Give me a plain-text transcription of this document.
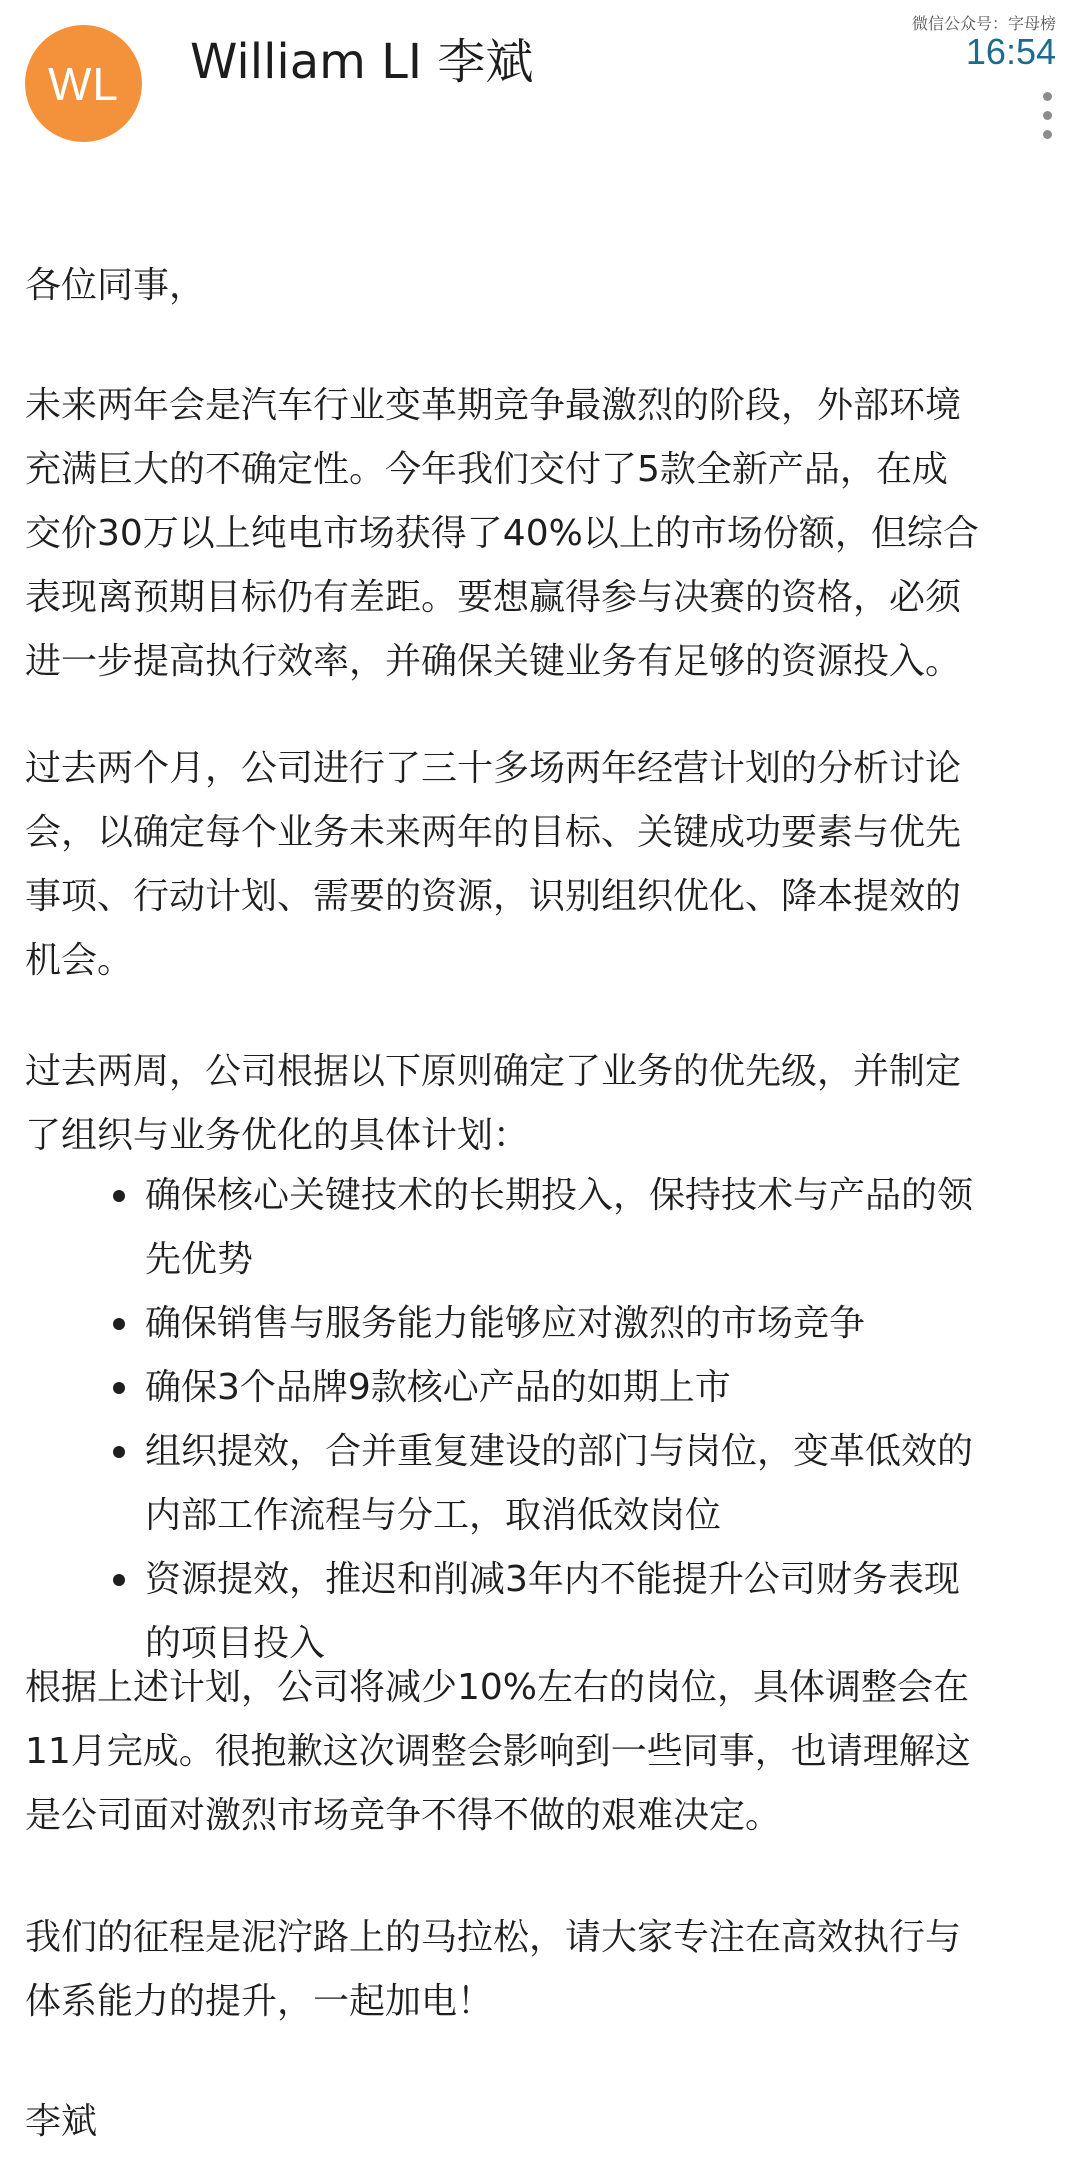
WL William LI 李斌
微信公众号：字母榜
16:54

各位同事，

未来两年会是汽车行业变革期竞争最激烈的阶段，外部环境
充满巨大的不确定性。今年我们交付了5款全新产品，在成
交价30万以上纯电市场获得了40%以上的市场份额，但综合
表现离预期目标仍有差距。要想赢得参与决赛的资格，必须
进一步提高执行效率，并确保关键业务有足够的资源投入。

过去两个月，公司进行了三十多场两年经营计划的分析讨论
会，以确定每个业务未来两年的目标、关键成功要素与优先
事项、行动计划、需要的资源，识别组织优化、降本提效的
机会。

过去两周，公司根据以下原则确定了业务的优先级，并制定
了组织与业务优化的具体计划：

确保核心关键技术的长期投入，保持技术与产品的领
先优势
确保销售与服务能力能够应对激烈的市场竞争
确保3个品牌9款核心产品的如期上市
组织提效，合并重复建设的部门与岗位，变革低效的
内部工作流程与分工，取消低效岗位
资源提效，推迟和削减3年内不能提升公司财务表现
的项目投入

根据上述计划，公司将减少10%左右的岗位，具体调整会在
11月完成。很抱歉这次调整会影响到一些同事，也请理解这
是公司面对激烈市场竞争不得不做的艰难决定。

我们的征程是泥泞路上的马拉松，请大家专注在高效执行与
体系能力的提升，一起加电！

李斌
